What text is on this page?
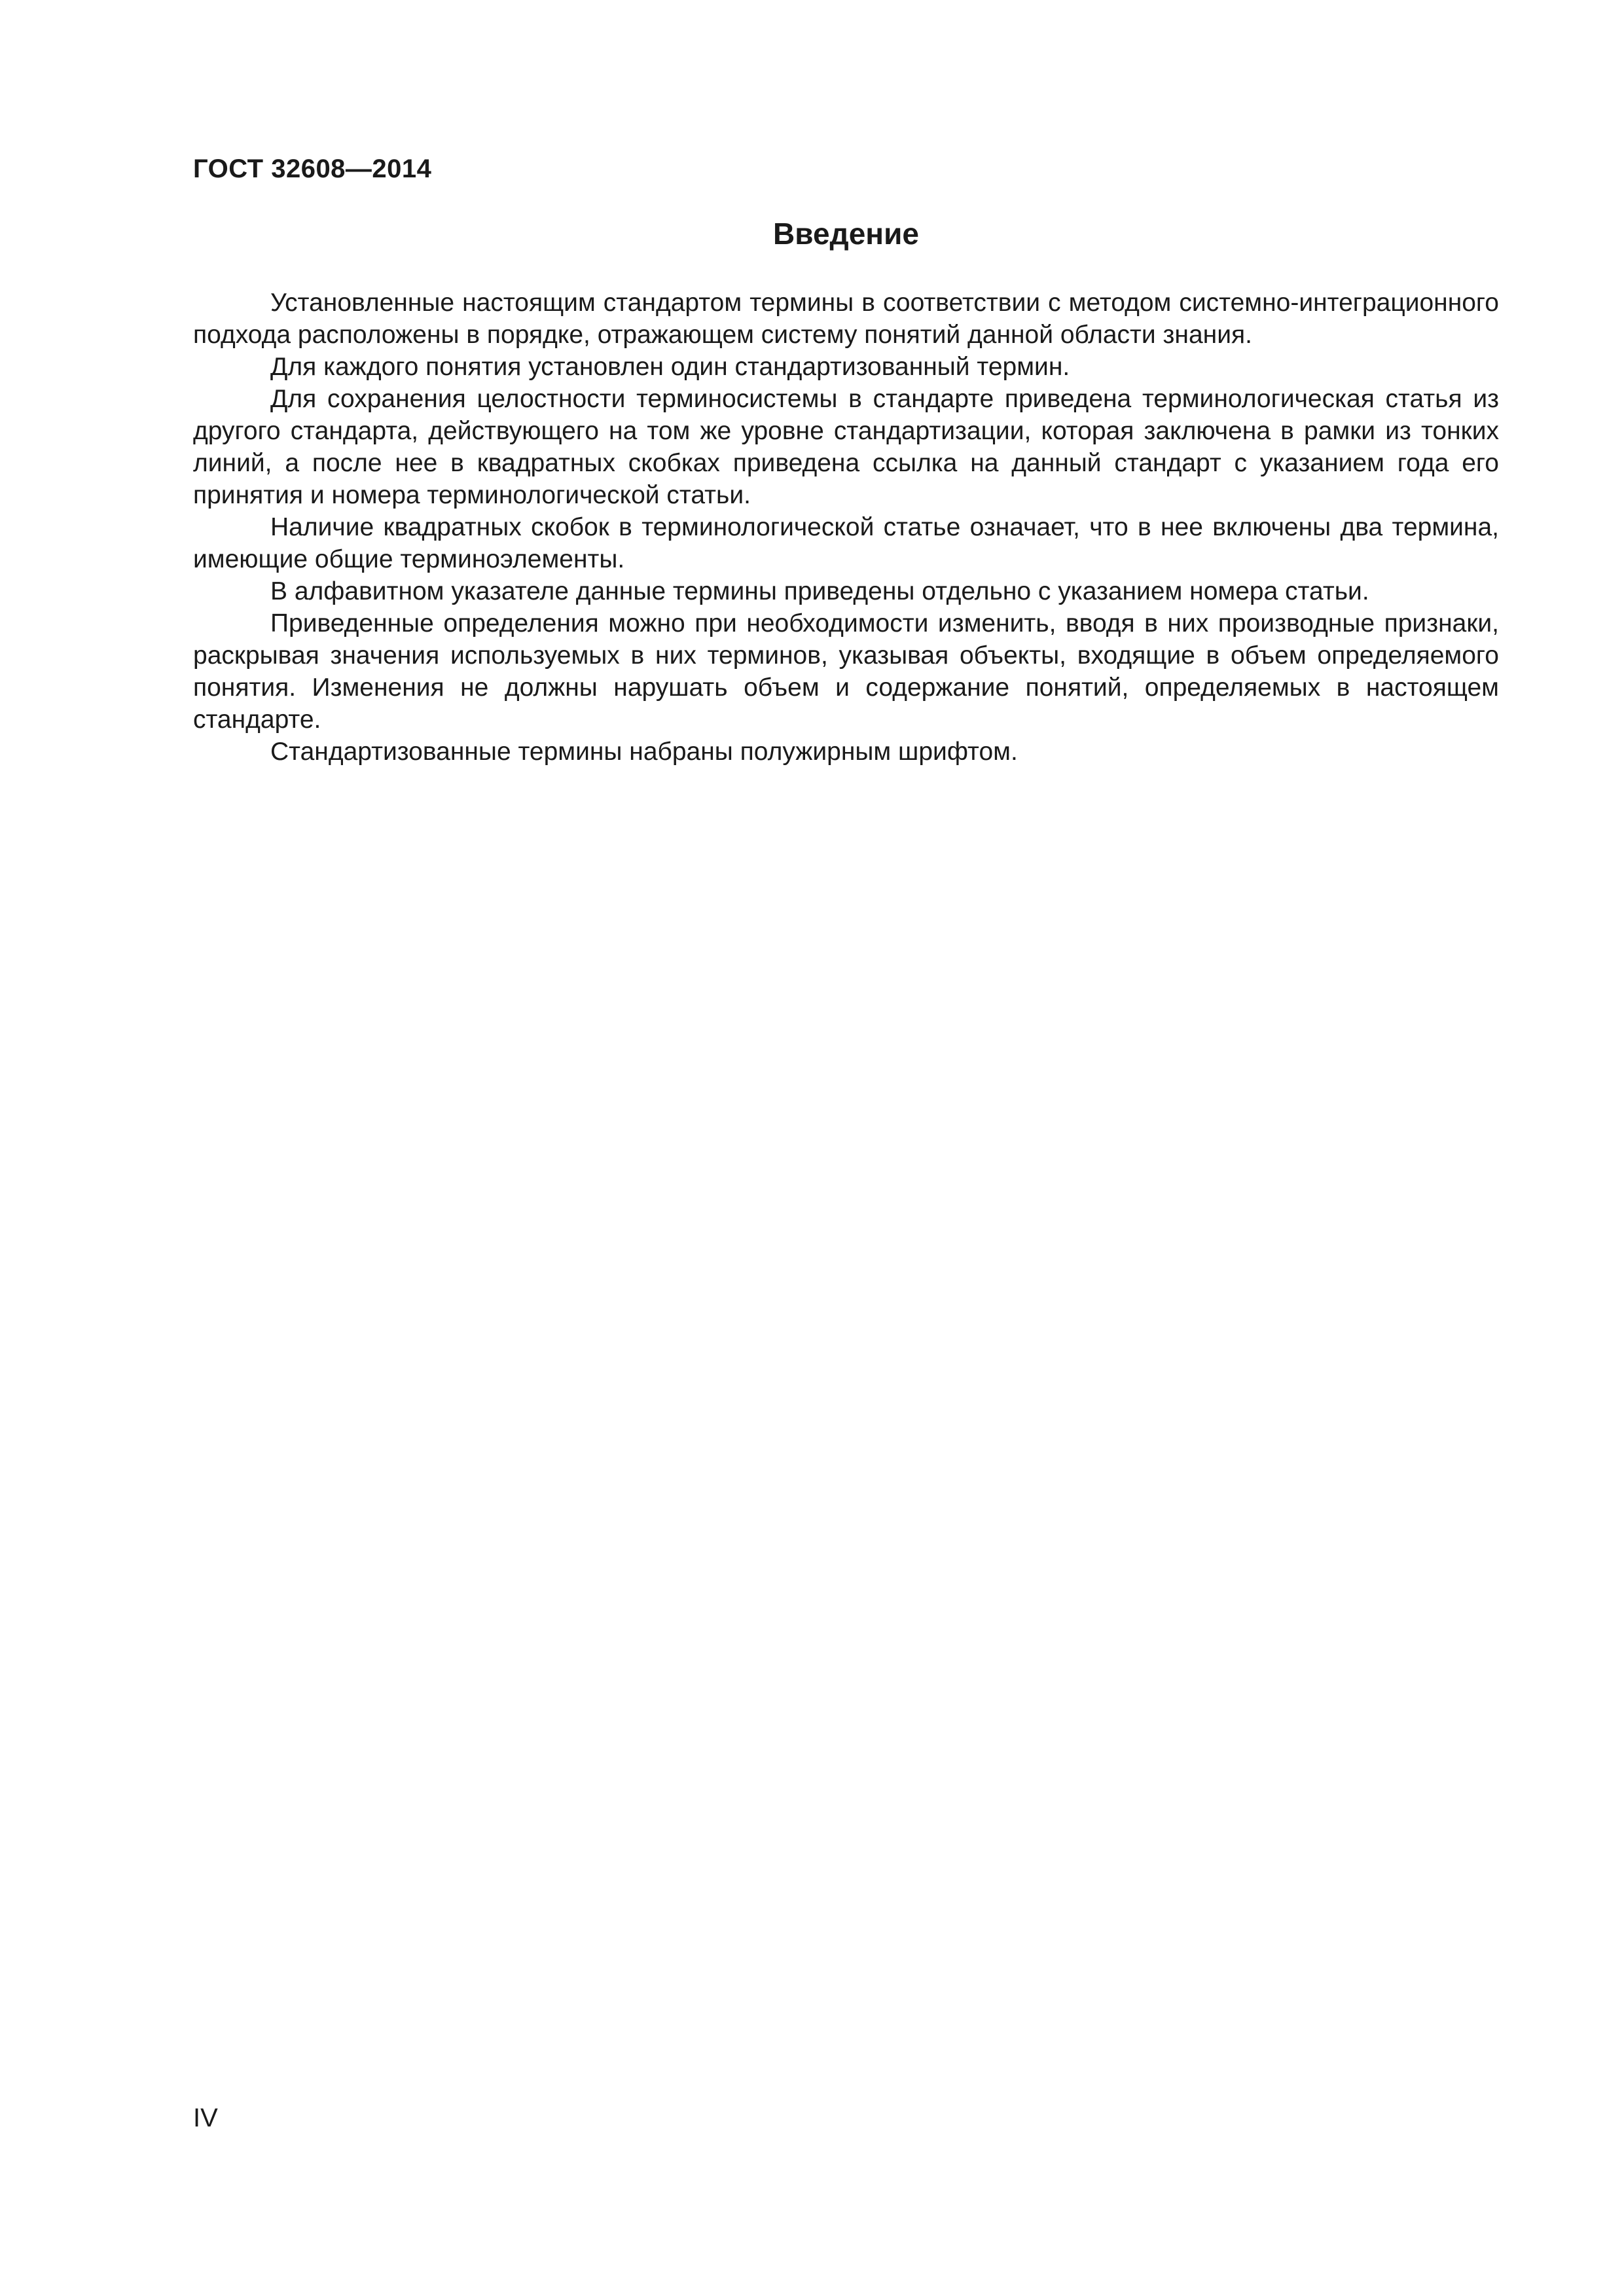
ГОСТ 32608—2014
Введение

Установленные настоящим стандартом термины в соответствии с методом системно-интеграционного подхода расположены в порядке, отражающем систему понятий данной области знания.

Для каждого понятия установлен один стандартизованный термин.

Для сохранения целостности терминосистемы в стандарте приведена терминологическая статья из другого стандарта, действующего на том же уровне стандартизации, которая заключена в рамки из тонких линий, а после нее в квадратных скобках приведена ссылка на данный стандарт с указанием года его принятия и номера терминологической статьи.

Наличие квадратных скобок в терминологической статье означает, что в нее включены два термина, имеющие общие терминоэлементы.

В алфавитном указателе данные термины приведены отдельно с указанием номера статьи.

Приведенные определения можно при необходимости изменить, вводя в них производные признаки, раскрывая значения используемых в них терминов, указывая объекты, входящие в объем определяемого понятия. Изменения не должны нарушать объем и содержание понятий, определяемых в настоящем стандарте.

Стандартизованные термины набраны полужирным шрифтом.

IV
